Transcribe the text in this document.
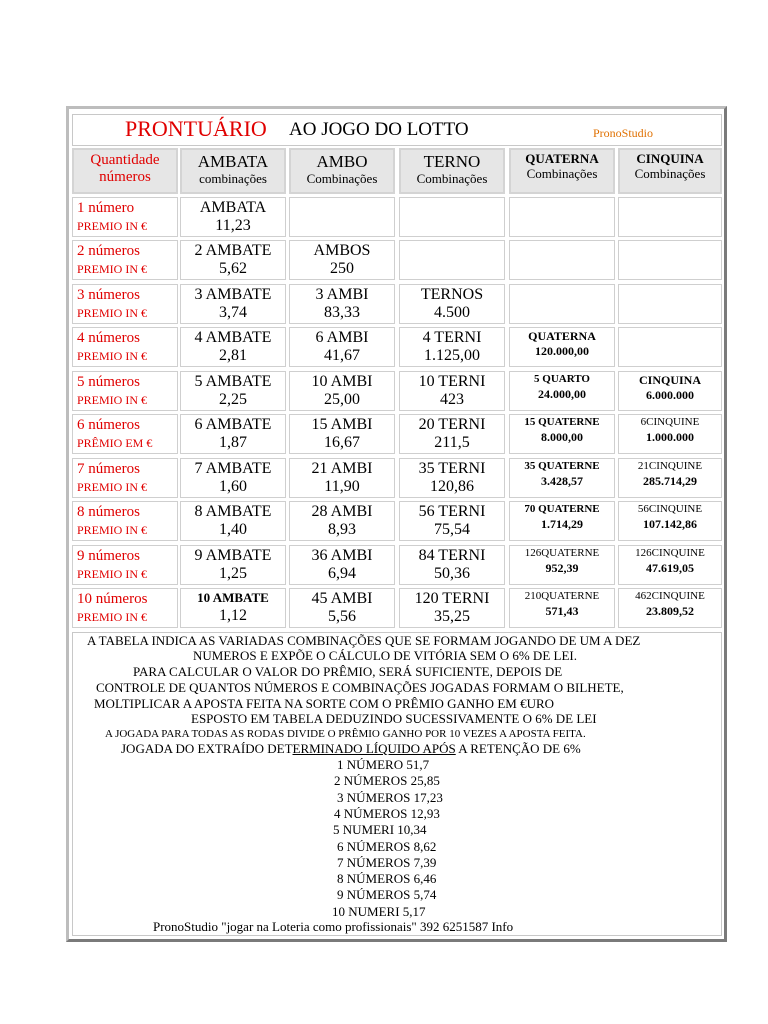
PRONTUÁRIO AO JOGO DO LOTTO	PronoStudio
Quantidade
números
AMBATA
combinações
AMBO
Combinações
TERNO
Combinações
QUATERNA
Combinações
CINQUINA
Combinações
1 número
PREMIO IN €
AMBATA
11,23
2 números
PREMIO IN €
2 AMBATE
5,62
AMBOS
250
3 números
PREMIO IN €
3 AMBATE
3,74
3 AMBI
83,33
TERNOS
4.500
4 números
PREMIO IN €
4 AMBATE
2,81
6 AMBI
41,67
4 TERNI
1.125,00
QUATERNA
120.000,00
5 números
PREMIO IN €
5 AMBATE
2,25
10 AMBI
25,00
10 TERNI
423
5 QUARTO
24.000,00
CINQUINA
6.000.000
6 números
PRÊMIO EM €
6 AMBATE
1,87
15 AMBI
16,67
20 TERNI
211,5
15 QUATERNE
8.000,00
6CINQUINE
1.000.000
7 números
PREMIO IN €
7 AMBATE
1,60
21 AMBI
11,90
35 TERNI
120,86
35 QUATERNE
3.428,57
21CINQUINE
285.714,29
8 números
PREMIO IN €
8 AMBATE
1,40
28 AMBI
8,93
56 TERNI
75,54
70 QUATERNE
1.714,29
56CINQUINE
107.142,86
9 números
PREMIO IN €
9 AMBATE
1,25
36 AMBI
6,94
84 TERNI
50,36
126QUATERNE
952,39
126CINQUINE
47.619,05
10 números
PREMIO IN €
10 AMBATE
1,12
45 AMBI
5,56
120 TERNI
35,25
210QUATERNE
571,43
462CINQUINE
23.809,52
A TABELA INDICA AS VARIADAS COMBINAÇÕES QUE SE FORMAM JOGANDO DE UM A DEZ
NUMEROS E EXPÕE O CÁLCULO DE VITÓRIA SEM O 6% DE LEI.
PARA CALCULAR O VALOR DO PRÊMIO, SERÁ SUFICIENTE, DEPOIS DE
CONTROLE DE QUANTOS NÚMEROS E COMBINAÇÕES JOGADAS FORMAM O BILHETE,
MOLTIPLICAR A APOSTA FEITA NA SORTE COM O PRÊMIO GANHO EM €URO
ESPOSTO EM TABELA DEDUZINDO SUCESSIVAMENTE O 6% DE LEI
A JOGADA PARA TODAS AS RODAS DIVIDE O PRÊMIO GANHO POR 10 VEZES A APOSTA FEITA.
JOGADA DO EXTRAÍDO DETERMINADO LÍQUIDO APÓS A RETENÇÃO DE 6%
1 NÚMERO 51,7
2 NÚMEROS 25,85
3 NÚMEROS 17,23
4 NÚMEROS 12,93
5 NUMERI 10,34
6 NÚMEROS 8,62
7 NÚMEROS 7,39
8 NÚMEROS 6,46
9 NÚMEROS 5,74
10 NUMERI 5,17
PronoStudio "jogar na Loteria como profissionais" 392 6251587 Info
